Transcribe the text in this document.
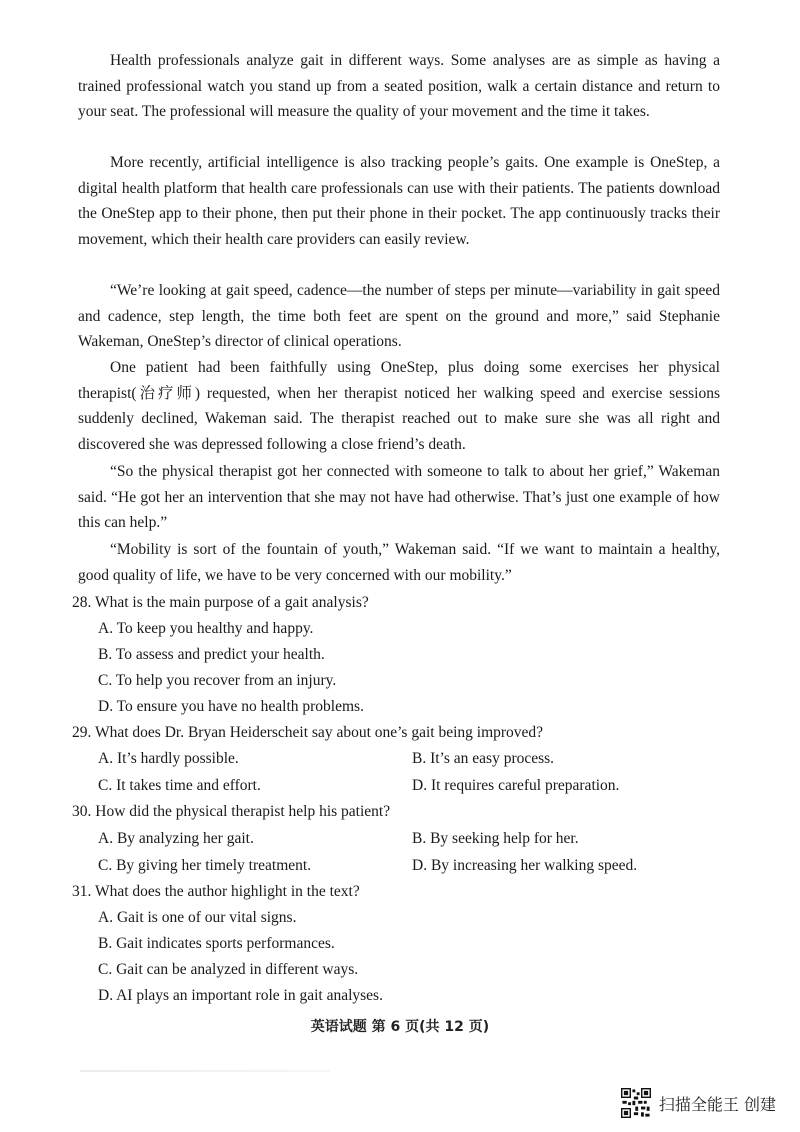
Health professionals analyze gait in different ways. Some analyses are as simple as having a trained professional watch you stand up from a seated position, walk a certain distance and return to your seat. The professional will measure the quality of your movement and the time it takes.

More recently, artificial intelligence is also tracking people’s gaits. One example is OneStep, a digital health platform that health care professionals can use with their patients. The patients download the OneStep app to their phone, then put their phone in their pocket. The app continuously tracks their movement, which their health care providers can easily review.

“We’re looking at gait speed, cadence—the number of steps per minute—variability in gait speed and cadence, step length, the time both feet are spent on the ground and more,” said Stephanie Wakeman, OneStep’s director of clinical operations.

One patient had been faithfully using OneStep, plus doing some exercises her physical therapist(治疗师) requested, when her therapist noticed her walking speed and exercise sessions suddenly declined, Wakeman said. The therapist reached out to make sure she was all right and discovered she was depressed following a close friend’s death.

“So the physical therapist got her connected with someone to talk to about her grief,” Wakeman said. “He got her an intervention that she may not have had otherwise. That’s just one example of how this can help.”

“Mobility is sort of the fountain of youth,” Wakeman said. “If we want to maintain a healthy, good quality of life, we have to be very concerned with our mobility.”

28. What is the main purpose of a gait analysis?

A. To keep you healthy and happy.

B. To assess and predict your health.

C. To help you recover from an injury.

D. To ensure you have no health problems.

29. What does Dr. Bryan Heiderscheit say about one’s gait being improved?

A. It’s hardly possible.	B. It’s an easy process.

C. It takes time and effort.	D. It requires careful preparation.

30. How did the physical therapist help his patient?

A. By analyzing her gait.	B. By seeking help for her.

C. By giving her timely treatment.	D. By increasing her walking speed.

31. What does the author highlight in the text?

A. Gait is one of our vital signs.

B. Gait indicates sports performances.

C. Gait can be analyzed in different ways.

D. AI plays an important role in gait analyses.

英语试题 第 6 页(共 12 页)
扫描全能王 创建
